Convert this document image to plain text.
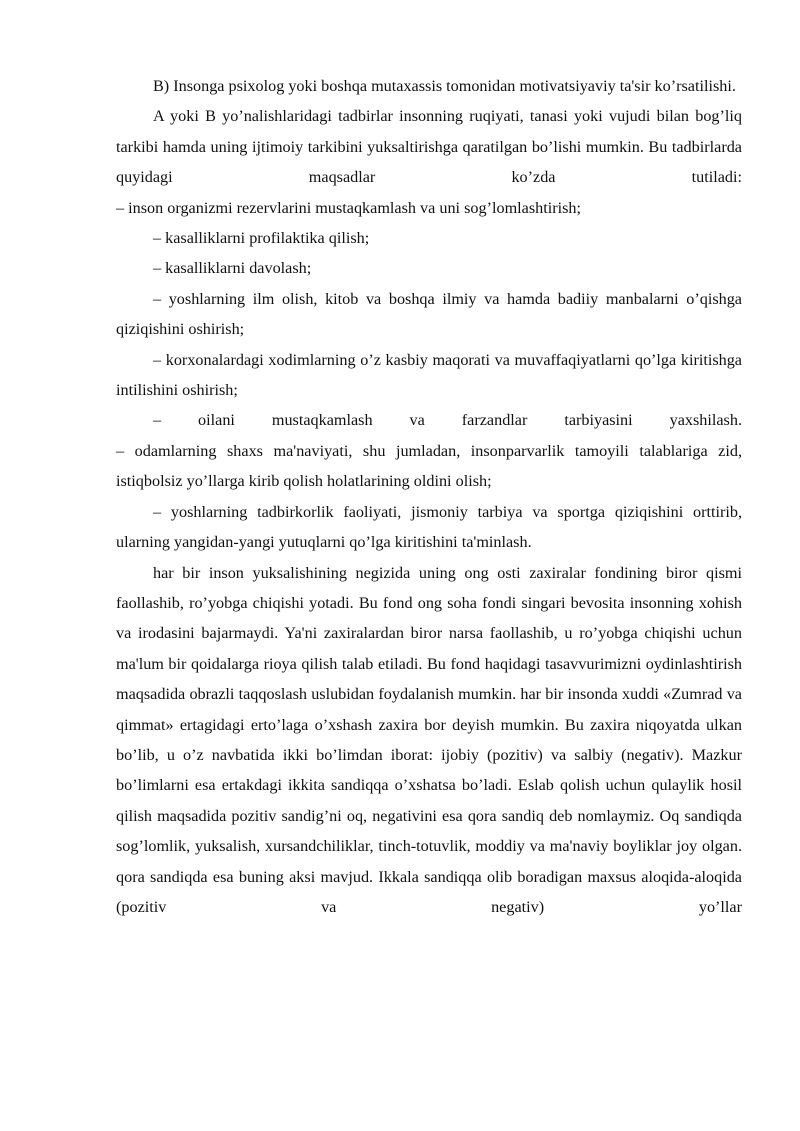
B) Insonga psixolog yoki boshqa mutaxassis tomonidan motivatsiyaviy ta'sir ko’rsatilishi.

A yoki B yo’nalishlaridagi tadbirlar insonning ruqiyati, tanasi yoki vujudi bilan bog’liq tarkibi hamda uning ijtimoiy tarkibini yuksaltirishga qaratilgan bo’lishi mumkin. Bu tadbirlarda quyidagi maqsadlar ko’zda tutiladi:

– inson organizmi rezervlarini mustaqkamlash va uni sog’lomlashtirish;

– kasalliklarni profilaktika qilish;

– kasalliklarni davolash;

– yoshlarning ilm olish, kitob va boshqa ilmiy va hamda badiiy manbalarni o’qishga qiziqishini oshirish;

– korxonalardagi xodimlarning o’z kasbiy maqorati va muvaffaqiyatlarni qo’lga kiritishga intilishini oshirish;

– oilani mustaqkamlash va farzandlar tarbiyasini yaxshilash.

– odamlarning shaxs ma'naviyati, shu jumladan, insonparvarlik tamoyili talablariga zid, istiqbolsiz yo’llarga kirib qolish holatlarining oldini olish;

– yoshlarning tadbirkorlik faoliyati, jismoniy tarbiya va sportga qiziqishini orttirib, ularning yangidan-yangi yutuqlarni qo’lga kiritishini ta'minlash.

har bir inson yuksalishining negizida uning ong osti zaxiralar fondining biror qismi faollashib, ro’yobga chiqishi yotadi. Bu fond ong soha fondi singari bevosita insonning xohish va irodasini bajarmaydi. Ya'ni zaxiralardan biror narsa faollashib, u ro’yobga chiqishi uchun ma'lum bir qoidalarga rioya qilish talab etiladi. Bu fond haqidagi tasavvurimizni oydinlashtirish maqsadida obrazli taqqoslash uslubidan foydalanish mumkin. har bir insonda xuddi «Zumrad va qimmat» ertagidagi erto’laga o’xshash zaxira bor deyish mumkin. Bu zaxira niqoyatda ulkan bo’lib, u o’z navbatida ikki bo’limdan iborat: ijobiy (pozitiv) va salbiy (negativ). Mazkur bo’limlarni esa ertakdagi ikkita sandiqqa o’xshatsa bo’ladi. Eslab qolish uchun qulaylik hosil qilish maqsadida pozitiv sandig’ni oq, negativini esa qora sandiq deb nomlaymiz. Oq sandiqda sog’lomlik, yuksalish, xursandchiliklar, tinch-totuvlik, moddiy va ma'naviy boyliklar joy olgan. qora sandiqda esa buning aksi mavjud. Ikkala sandiqqa olib boradigan maxsus aloqida-aloqida (pozitiv va negativ) yo’llar
